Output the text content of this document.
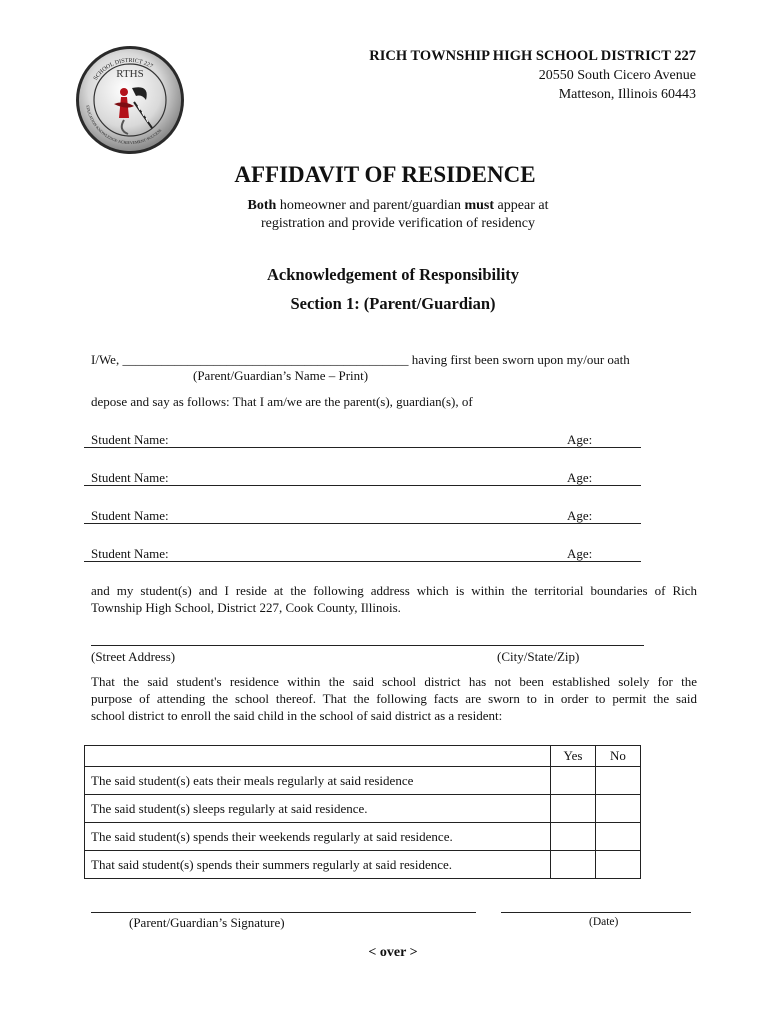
SCHOOL DISTRICT 227
EDUCATION·KNOWLEDGE·ACHIEVEMENT·SUCCESS
RTHS
RICH TOWNSHIP HIGH SCHOOL DISTRICT 227
20550 South Cicero Avenue
Matteson, Illinois 60443
AFFIDAVIT OF RESIDENCE
Both homeowner and parent/guardian must appear at
registration and provide verification of residency
Acknowledgement of Responsibility
Section 1: (Parent/Guardian)
I/We, ____________________________________________ having first been sworn upon my/our oath
(Parent/Guardian’s Name – Print)
depose and say as follows: That I am/we are the parent(s), guardian(s), of
Student Name:	Age:
Student Name:	Age:
Student Name:	Age:
Student Name:	Age:
and my student(s) and I reside at the following address which is within the territorial boundaries of Rich
Township High School, District 227, Cook County, Illinois.
(Street Address)	(City/State/Zip)
That the said student's residence within the said school district has not been established solely for the
purpose of attending the school thereof. That the following facts are sworn to in order to permit the said
school district to enroll the said child in the school of said district as a resident:
	Yes	No
The said student(s) eats their meals regularly at said residence		
The said student(s) sleeps regularly at said residence.		
The said student(s) spends their weekends regularly at said residence.		
That said student(s) spends their summers regularly at said residence.		
(Parent/Guardian’s Signature)	(Date)
< over >
